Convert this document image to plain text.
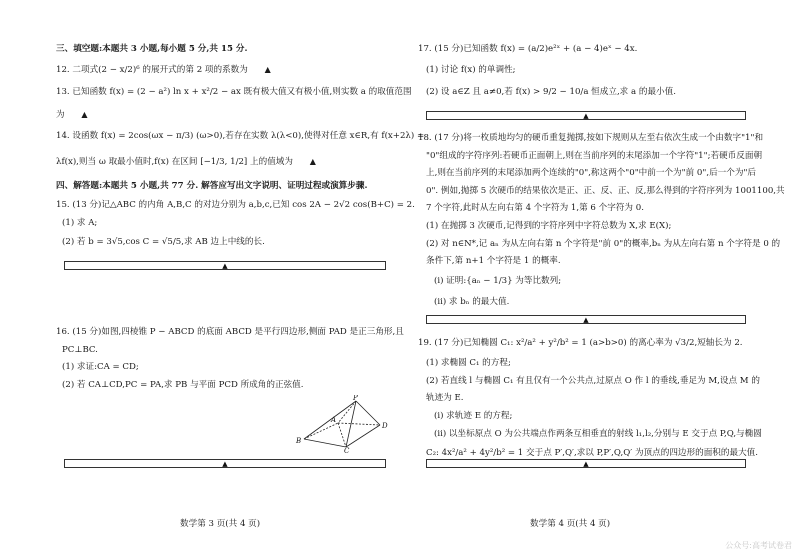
三、填空题:本题共 3 小题,每小题 5 分,共 15 分.
12. 二项式(2 − x/2)⁶ 的展开式的第 2 项的系数为 ▲
13. 已知函数 f(x) = (2 − a²) ln x + x²/2 − ax 既有极大值又有极小值,则实数 a 的取值范围
为 ▲
14. 设函数 f(x) = 2cos(ωx − π/3) (ω>0),若存在实数 λ(λ<0),使得对任意 x∈R,有 f(x+2λ) =
λf(x),则当 ω 取最小值时,f(x) 在区间 [−1/3, 1/2] 上的值域为 ▲
四、解答题:本题共 5 小题,共 77 分. 解答应写出文字说明、证明过程或演算步骤.
15. (13 分)记△ABC 的内角 A,B,C 的对边分别为 a,b,c,已知 cos 2A − 2√2 cos(B+C) = 2.
(1) 求 A;
(2) 若 b = 3√5,cos C = √5/5,求 AB 边上中线的长.
▲
16. (15 分)如图,四棱锥 P − ABCD 的底面 ABCD 是平行四边形,侧面 PAD 是正三角形,且
PC⊥BC.
(1) 求证:CA = CD;
(2) 若 CA⊥CD,PC = PA,求 PB 与平面 PCD 所成角的正弦值.
P
A
B
C
D
▲
数学第 3 页(共 4 页)
17. (15 分)已知函数 f(x) = (a/2)e²ˣ + (a − 4)eˣ − 4x.
(1) 讨论 f(x) 的单调性;
(2) 设 a∈Z 且 a≠0,若 f(x) > 9/2 − 10/a 恒成立,求 a 的最小值.
▲
18. (17 分)将一枚质地均匀的硬币重复抛掷,按如下规则从左至右依次生成一个由数字"1"和
"0"组成的字符序列:若硬币正面朝上,则在当前序列的末尾添加一个字符"1";若硬币反面朝
上,则在当前序列的末尾添加两个连续的"0",称这两个"0"中前一个为"前 0",后一个为"后
0". 例如,抛掷 5 次硬币的结果依次是正、正、反、正、反,那么得到的字符序列为 1001100,共
7 个字符,此时从左向右第 4 个字符为 1,第 6 个字符为 0.
(1) 在抛掷 3 次硬币,记得到的字符序列中字符总数为 X,求 E(X);
(2) 对 n∈N*,记 aₙ 为从左向右第 n 个字符是"前 0"的概率,bₙ 为从左向右第 n 个字符是 0 的
条件下,第 n+1 个字符是 1 的概率.
(i) 证明:{aₙ − 1/3} 为等比数列;
(ii) 求 bₙ 的最大值.
▲
19. (17 分)已知椭圆 C₁: x²/a² + y²/b² = 1 (a>b>0) 的离心率为 √3/2,短轴长为 2.
(1) 求椭圆 C₁ 的方程;
(2) 若直线 l 与椭圆 C₁ 有且仅有一个公共点,过原点 O 作 l 的垂线,垂足为 M,设点 M 的
轨迹为 E.
(i) 求轨迹 E 的方程;
(ii) 以坐标原点 O 为公共端点作两条互相垂直的射线 l₁,l₂,分别与 E 交于点 P,Q,与椭圆
C₂: 4x²/a² + 4y²/b² = 1 交于点 P′,Q′,求以 P,P′,Q,Q′ 为顶点的四边形的面积的最大值.
▲
数学第 4 页(共 4 页)
公众号:高考试卷君
